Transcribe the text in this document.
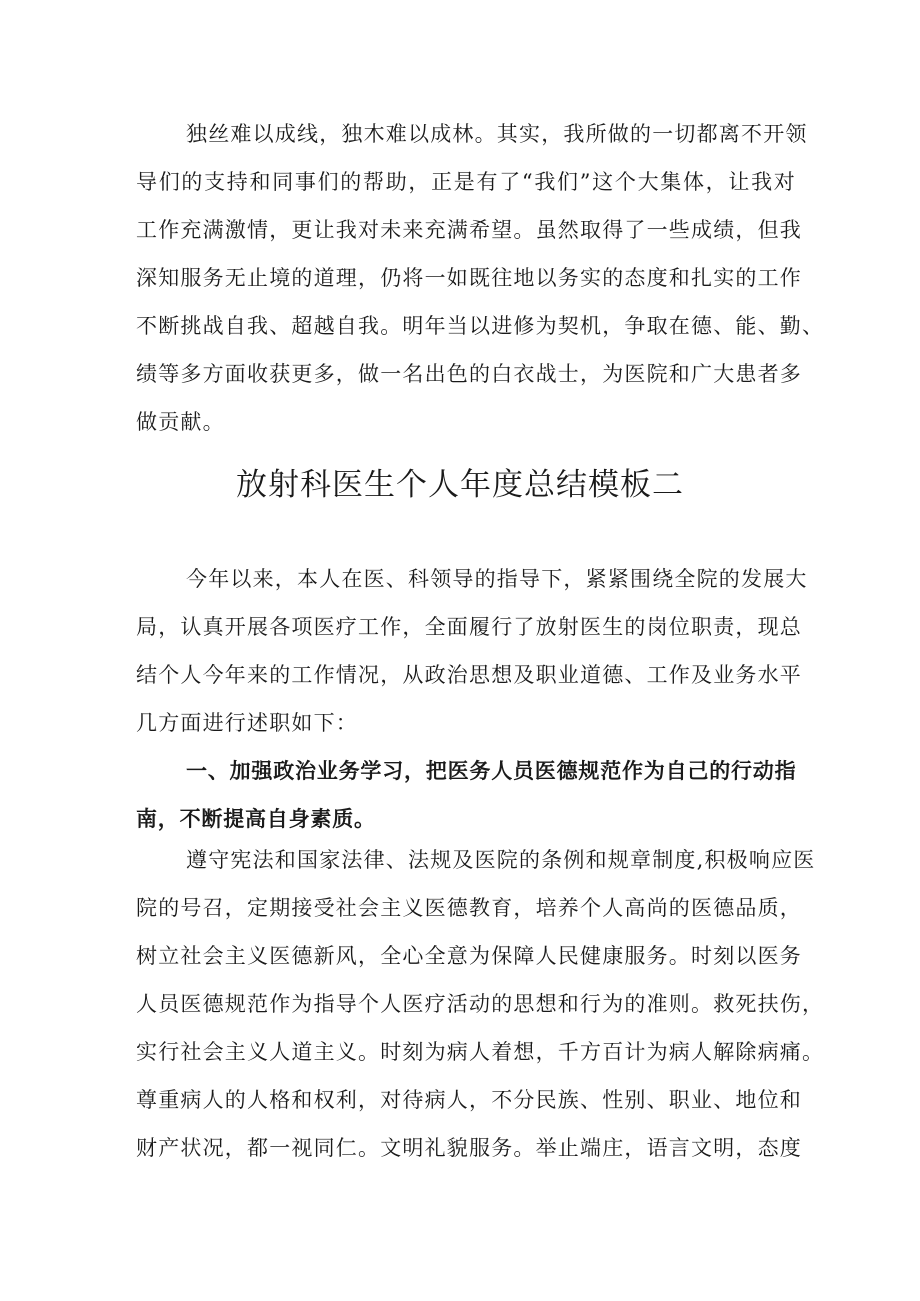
独丝难以成线，独木难以成林。其实，我所做的一切都离不开领
导们的支持和同事们的帮助，正是有了“我们”这个大集体，让我对
工作充满激情，更让我对未来充满希望。虽然取得了一些成绩，但我
深知服务无止境的道理，仍将一如既往地以务实的态度和扎实的工作
不断挑战自我、超越自我。明年当以进修为契机，争取在德、能、勤、
绩等多方面收获更多，做一名出色的白衣战士，为医院和广大患者多
做贡献。
放射科医生个人年度总结模板二
今年以来，本人在医、科领导的指导下，紧紧围绕全院的发展大
局，认真开展各项医疗工作，全面履行了放射医生的岗位职责，现总
结个人今年来的工作情况，从政治思想及职业道德、工作及业务水平
几方面进行述职如下：
一、加强政治业务学习，把医务人员医德规范作为自己的行动指
南，不断提高自身素质。
遵守宪法和国家法律、法规及医院的条例和规章制度,积极响应医
院的号召，定期接受社会主义医德教育，培养个人高尚的医德品质，
树立社会主义医德新风，全心全意为保障人民健康服务。时刻以医务
人员医德规范作为指导个人医疗活动的思想和行为的准则。救死扶伤，
实行社会主义人道主义。时刻为病人着想，千方百计为病人解除病痛。
尊重病人的人格和权利，对待病人，不分民族、性别、职业、地位和
财产状况，都一视同仁。文明礼貌服务。举止端庄，语言文明，态度
